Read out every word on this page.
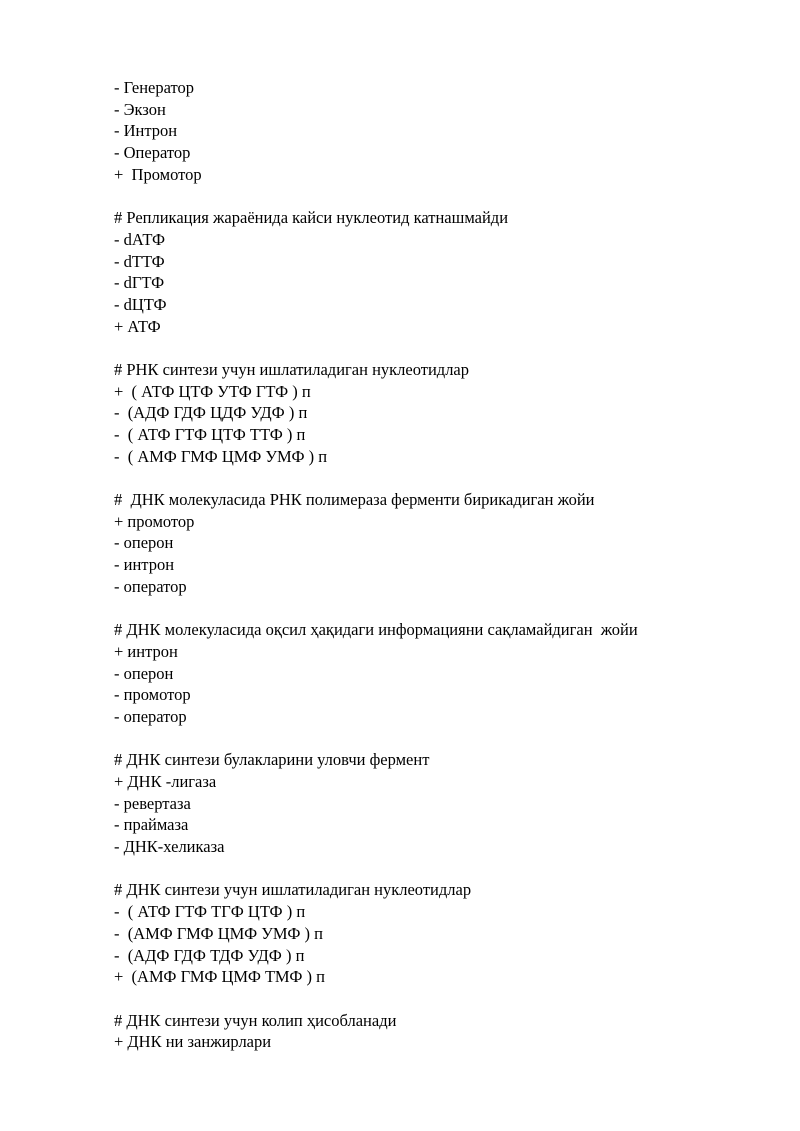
- Генератор
- Экзон
- Интрон
- Оператор
+  Промотор
# Репликация жараёнида кайси нуклеотид катнашмайди
- dАТФ
- dТТФ
- dГТФ
- dЦТФ
+ АТФ
# РНК синтези учун ишлатиладиган нуклеотидлар
+  ( АТФ ЦТФ УТФ ГТФ ) п
-  (АДФ ГДФ ЦДФ УДФ ) п
-  ( АТФ ГТФ ЦТФ ТТФ ) п
-  ( АМФ ГМФ ЦМФ УМФ ) п
#  ДНК молекуласида РНК полимераза ферменти бирикадиган жойи
+ промотор
- оперон
- интрон
- оператор
# ДНК молекуласида оқсил ҳақидаги информацияни сақламайдиган  жойи
+ интрон
- оперон
- промотор
- оператор
# ДНК синтези булакларини уловчи фермент
+ ДНК -лигаза
- ревертаза
- праймаза
- ДНК-хеликаза
# ДНК синтези учун ишлатиладиган нуклеотидлар
-  ( АТФ ГТФ ТГФ ЦТФ ) п
-  (АМФ ГМФ ЦМФ УМФ ) п
-  (АДФ ГДФ ТДФ УДФ ) п
+  (АМФ ГМФ ЦМФ ТМФ ) п
# ДНК синтези учун колип ҳисобланади
+ ДНК ни занжирлари
